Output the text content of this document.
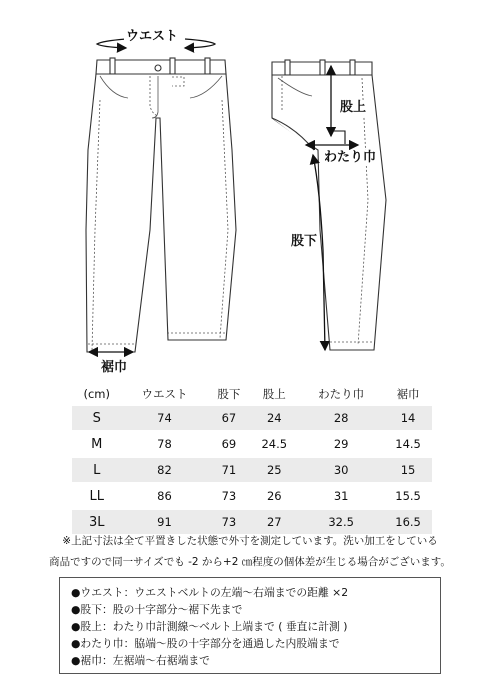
ウエスト
股上
わたり巾
股下
裾巾
(cm)	ウエスト	股下	股上	わたり巾	裾巾
S	74	67	24	28	14
M	78	69	24.5	29	14.5
L	82	71	25	30	15
LL	86	73	26	31	15.5
3L	91	73	27	32.5	16.5
※上記寸法は全て平置きした状態で外寸を測定しています。洗い加工をしている
商品ですので同一サイズでも -2 から+2 ㎝程度の個体差が生じる場合がございます。
●ウエスト：ウエストベルトの左端～右端までの距離 ×2
●股下：股の十字部分～裾下先まで
●股上：わたり巾計測線～ベルト上端まで ( 垂直に計測 )
●わたり巾：脇端～股の十字部分を通過した内股端まで
●裾巾：左裾端～右裾端まで
